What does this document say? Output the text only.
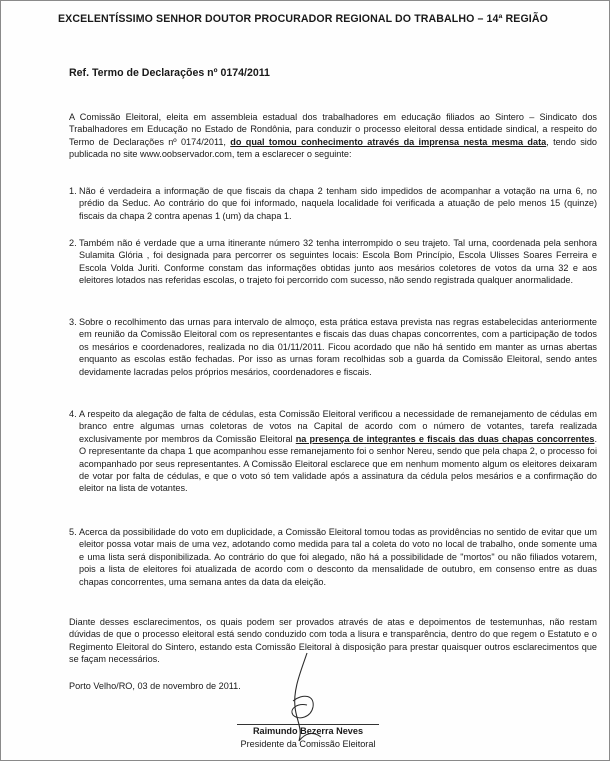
EXCELENTÍSSIMO SENHOR DOUTOR PROCURADOR REGIONAL DO TRABALHO – 14ª REGIÃO
Ref. Termo de Declarações nº 0174/2011
A Comissão Eleitoral, eleita em assembleia estadual dos trabalhadores em educação filiados ao Sintero – Sindicato dos Trabalhadores em Educação no Estado de Rondônia, para conduzir o processo eleitoral dessa entidade sindical, a respeito do Termo de Declarações nº 0174/2011, do qual tomou conhecimento através da imprensa nesta mesma data, tendo sido publicada no site www.oobservador.com, tem a esclarecer o seguinte:
1. Não é verdadeira a informação de que fiscais da chapa 2 tenham sido impedidos de acompanhar a votação na urna 6, no prédio da Seduc. Ao contrário do que foi informado, naquela localidade foi verificada a atuação de pelo menos 15 (quinze) fiscais da chapa 2 contra apenas 1 (um) da chapa 1.
2. Também não é verdade que a urna itinerante número 32 tenha interrompido o seu trajeto. Tal urna, coordenada pela senhora Sulamita Glória , foi designada para percorrer os seguintes locais: Escola Bom Princípio, Escola Ulisses Soares Ferreira e Escola Volda Juriti. Conforme constam das informações obtidas junto aos mesários coletores de votos da urna 32 e aos eleitores lotados nas referidas escolas, o trajeto foi percorrido com sucesso, não sendo registrada qualquer anormalidade.
3. Sobre o recolhimento das urnas para intervalo de almoço, esta prática estava prevista nas regras estabelecidas anteriormente em reunião da Comissão Eleitoral com os representantes e fiscais das duas chapas concorrentes, com a participação de todos os mesários e coordenadores, realizada no dia 01/11/2011. Ficou acordado que não há sentido em manter as urnas abertas enquanto as escolas estão fechadas. Por isso as urnas foram recolhidas sob a guarda da Comissão Eleitoral, sendo antes devidamente lacradas pelos próprios mesários, coordenadores e fiscais.
4. A respeito da alegação de falta de cédulas, esta Comissão Eleitoral verificou a necessidade de remanejamento de cédulas em branco entre algumas urnas coletoras de votos na Capital de acordo com o número de votantes, tarefa realizada exclusivamente por membros da Comissão Eleitoral na presença de integrantes e fiscais das duas chapas concorrentes. O representante da chapa 1 que acompanhou esse remanejamento foi o senhor Nereu, sendo que pela chapa 2, o processo foi acompanhado por seus representantes. A Comissão Eleitoral esclarece que em nenhum momento algum os eleitores deixaram de votar por falta de cédulas, e que o voto só tem validade após a assinatura da cédula pelos mesários e a confirmação do eleitor na lista de votantes.
5. Acerca da possibilidade do voto em duplicidade, a Comissão Eleitoral tomou todas as providências no sentido de evitar que um eleitor possa votar mais de uma vez, adotando como medida para tal a coleta do voto no local de trabalho, onde somente uma e uma lista será disponibilizada. Ao contrário do que foi alegado, não há a possibilidade de "mortos" ou não filiados votarem, pois a lista de eleitores foi atualizada de acordo com o desconto da mensalidade de outubro, em consenso entre as duas chapas concorrentes, uma semana antes da data da eleição.
Diante desses esclarecimentos, os quais podem ser provados através de atas e depoimentos de testemunhas, não restam dúvidas de que o processo eleitoral está sendo conduzido com toda a lisura e transparência, dentro do que regem o Estatuto e o Regimento Eleitoral do Sintero, estando esta Comissão Eleitoral à disposição para prestar quaisquer outros esclarecimentos que se façam necessários.
Porto Velho/RO, 03 de novembro de 2011.
Raimundo Bezerra Neves
Presidente da Comissão Eleitoral
